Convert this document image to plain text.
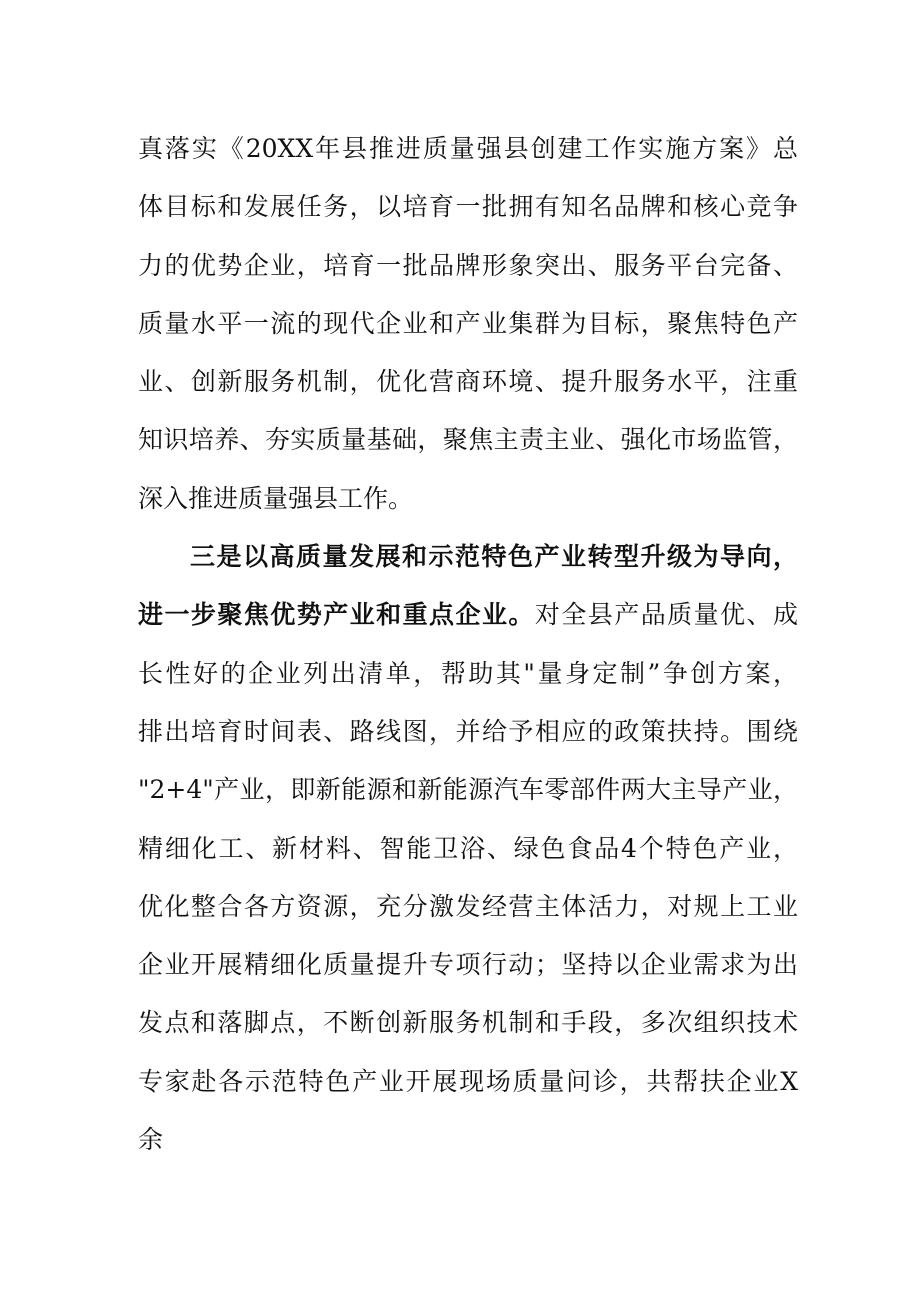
真落实《20XX年县推进质量强县创建工作实施方案》总
体目标和发展任务，以培育一批拥有知名品牌和核心竞争
力的优势企业，培育一批品牌形象突出、服务平台完备、
质量水平一流的现代企业和产业集群为目标，聚焦特色产
业、创新服务机制，优化营商环境、提升服务水平，注重
知识培养、夯实质量基础，聚焦主责主业、强化市场监管，
深入推进质量强县工作。
三是以高质量发展和示范特色产业转型升级为导向，
进一步聚焦优势产业和重点企业。对全县产品质量优、成
长性好的企业列出清单，帮助其"量身定制”争创方案，
排出培育时间表、路线图，并给予相应的政策扶持。围绕
"2+4"产业，即新能源和新能源汽车零部件两大主导产业，
精细化工、新材料、智能卫浴、绿色食品4个特色产业，
优化整合各方资源，充分激发经营主体活力，对规上工业
企业开展精细化质量提升专项行动；坚持以企业需求为出
发点和落脚点，不断创新服务机制和手段，多次组织技术
专家赴各示范特色产业开展现场质量问诊，共帮扶企业X
余
